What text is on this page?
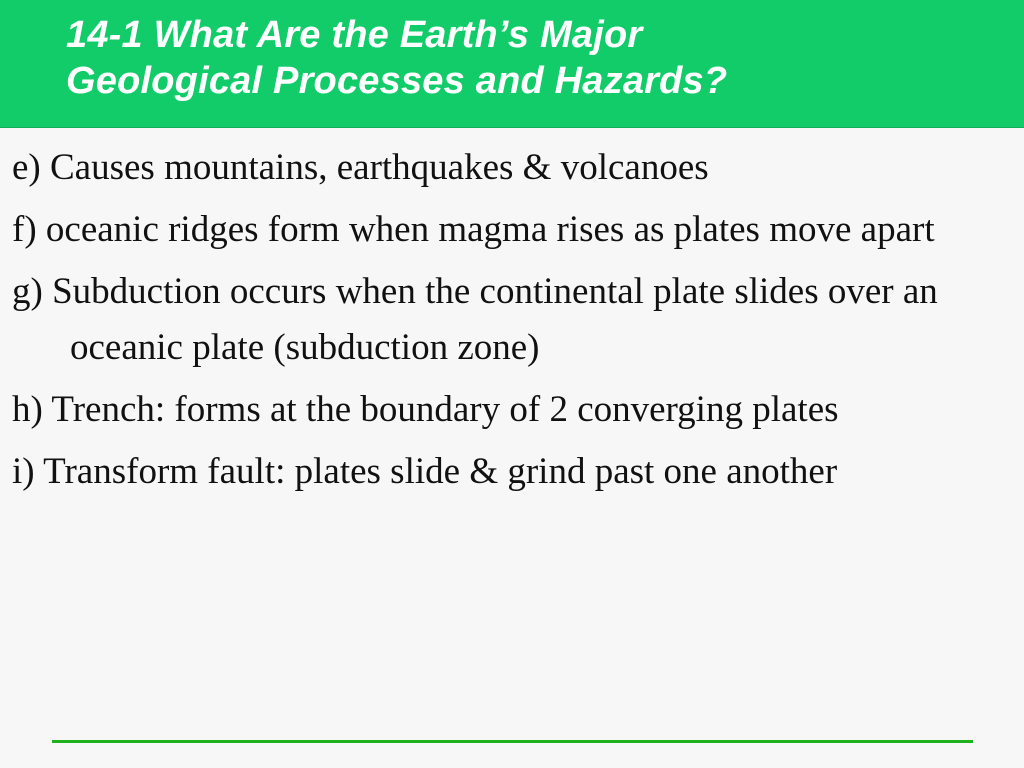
14-1 What Are the Earth’s Major
Geological Processes and Hazards?
e) Causes mountains, earthquakes & volcanoes
f) oceanic ridges form when magma rises as plates move apart
g) Subduction occurs when the continental plate slides over an oceanic plate (subduction zone)
h) Trench: forms at the boundary of 2 converging plates
i) Transform fault: plates slide & grind past one another
